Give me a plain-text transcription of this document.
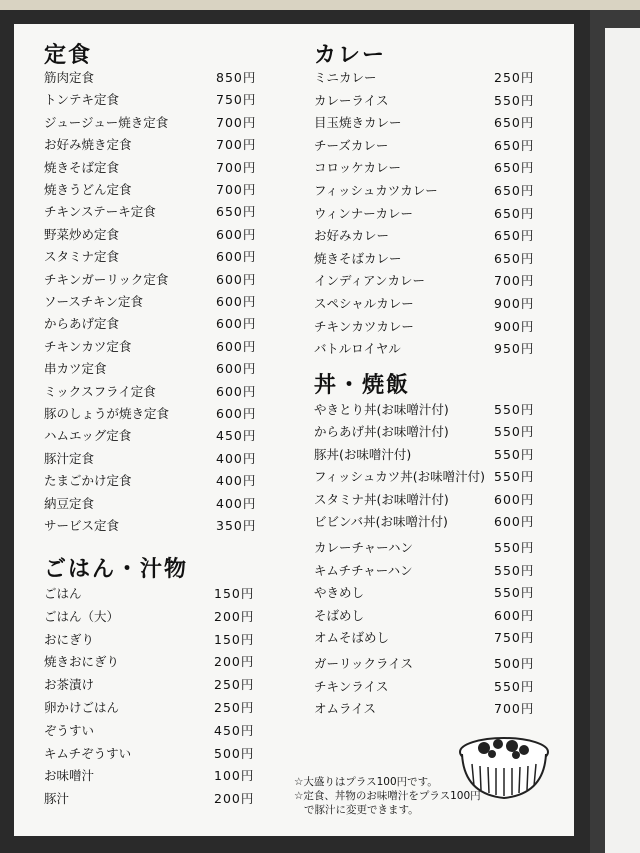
定食
筋肉定食	850円
トンテキ定食	750円
ジュージュー焼き定食	700円
お好み焼き定食	700円
焼きそば定食	700円
焼きうどん定食	700円
チキンステーキ定食	650円
野菜炒め定食	600円
スタミナ定食	600円
チキンガーリック定食	600円
ソースチキン定食	600円
からあげ定食	600円
チキンカツ定食	600円
串カツ定食	600円
ミックスフライ定食	600円
豚のしょうが焼き定食	600円
ハムエッグ定食	450円
豚汁定食	400円
たまごかけ定食	400円
納豆定食	400円
サービス定食	350円
ごはん・汁物
ごはん	150円
ごはん（大）	200円
おにぎり	150円
焼きおにぎり	200円
お茶漬け	250円
卵かけごはん	250円
ぞうすい	450円
キムチぞうすい	500円
お味噌汁	100円
豚汁	200円
カレー
ミニカレー	250円
カレーライス	550円
目玉焼きカレー	650円
チーズカレー	650円
コロッケカレー	650円
フィッシュカツカレー	650円
ウィンナーカレー	650円
お好みカレー	650円
焼きそばカレー	650円
インディアンカレー	700円
スペシャルカレー	900円
チキンカツカレー	900円
バトルロイヤル	950円
丼・焼飯
やきとり丼(お味噌汁付)	550円
からあげ丼(お味噌汁付)	550円
豚丼(お味噌汁付)	550円
フィッシュカツ丼(お味噌汁付) 550円
スタミナ丼(お味噌汁付)	600円
ビビンバ丼(お味噌汁付)	600円
カレーチャーハン	550円
キムチチャーハン	550円
やきめし	550円
そばめし	600円
オムそばめし	750円
ガーリックライス	500円
チキンライス	550円
オムライス	700円
☆大盛りはプラス100円です。
☆定食、丼物のお味噌汁をプラス100円
で豚汁に変更できます。
